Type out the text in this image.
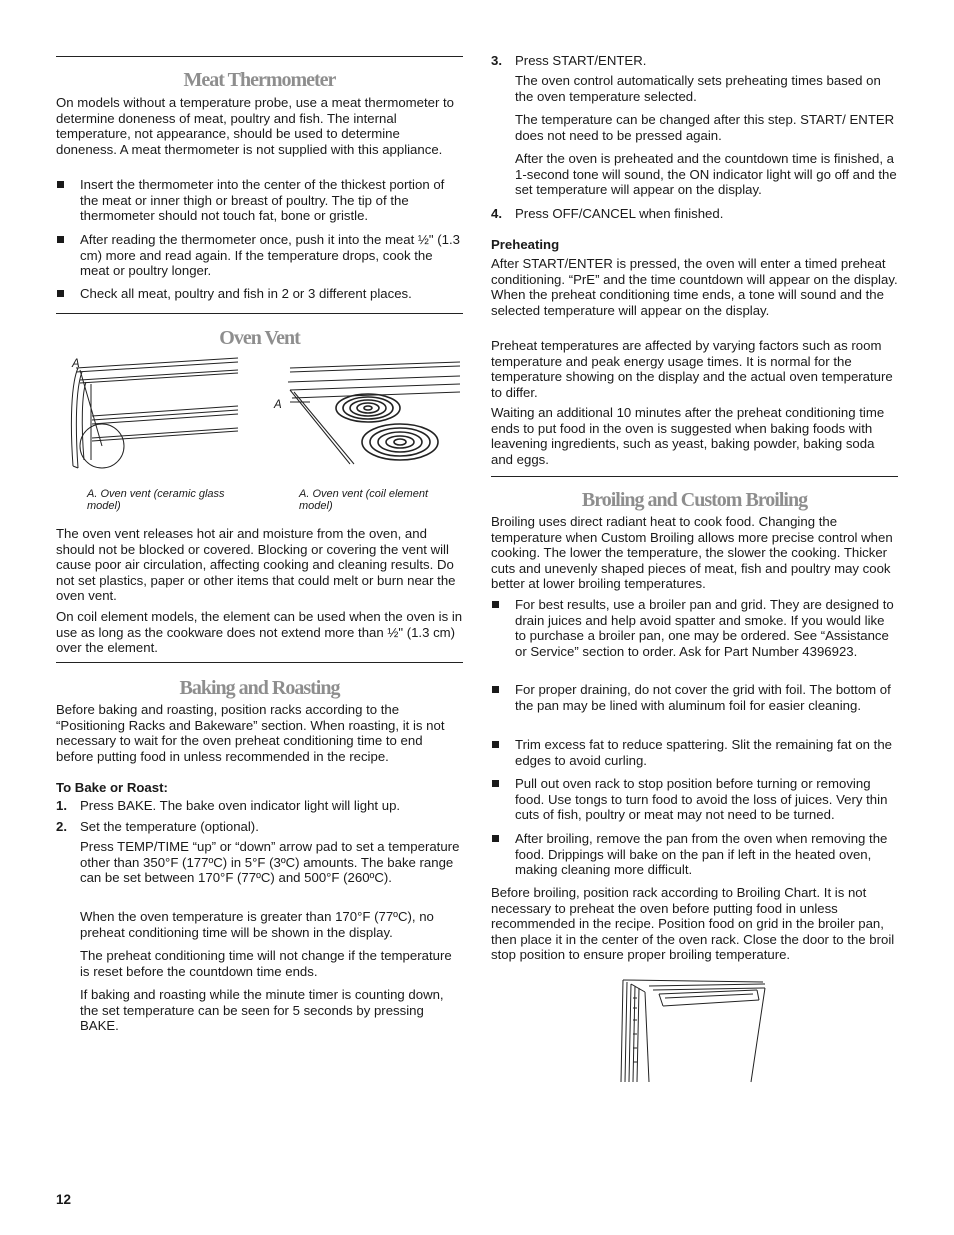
Meat Thermometer
On models without a temperature probe, use a meat thermometer to determine doneness of meat, poultry and fish. The internal temperature, not appearance, should be used to determine doneness. A meat thermometer is not supplied with this appliance.
Insert the thermometer into the center of the thickest portion of the meat or inner thigh or breast of poultry. The tip of the thermometer should not touch fat, bone or gristle.
After reading the thermometer once, push it into the meat ½" (1.3 cm) more and read again. If the temperature drops, cook the meat or poultry longer.
Check all meat, poultry and fish in 2 or 3 different places.
Oven Vent
A
A
A. Oven vent (ceramic glass model)
A. Oven vent (coil element model)
The oven vent releases hot air and moisture from the oven, and should not be blocked or covered. Blocking or covering the vent will cause poor air circulation, affecting cooking and cleaning results. Do not set plastics, paper or other items that could melt or burn near the oven vent.
On coil element models, the element can be used when the oven is in use as long as the cookware does not extend more than ½" (1.3 cm) over the element.
Baking and Roasting
Before baking and roasting, position racks according to the “Positioning Racks and Bakeware” section. When roasting, it is not necessary to wait for the oven preheat conditioning time to end before putting food in unless recommended in the recipe.
To Bake or Roast:
1. Press BAKE. The bake oven indicator light will light up.
2. Set the temperature (optional).
Press TEMP/TIME “up” or “down” arrow pad to set a temperature other than 350°F (177ºC) in 5°F (3ºC) amounts. The bake range can be set between 170°F (77ºC) and 500°F (260ºC).
When the oven temperature is greater than 170°F (77ºC), no preheat conditioning time will be shown in the display.
The preheat conditioning time will not change if the temperature is reset before the countdown time ends.
If baking and roasting while the minute timer is counting down, the set temperature can be seen for 5 seconds by pressing BAKE.
3. Press START/ENTER.
The oven control automatically sets preheating times based on the oven temperature selected.
The temperature can be changed after this step. START/ ENTER does not need to be pressed again.
After the oven is preheated and the countdown time is finished, a 1-second tone will sound, the ON indicator light will go off and the set temperature will appear on the display.
4. Press OFF/CANCEL when finished.
Preheating
After START/ENTER is pressed, the oven will enter a timed preheat conditioning. “PrE” and the time countdown will appear on the display. When the preheat conditioning time ends, a tone will sound and the selected temperature will appear on the display.
Preheat temperatures are affected by varying factors such as room temperature and peak energy usage times. It is normal for the temperature showing on the display and the actual oven temperature to differ.
Waiting an additional 10 minutes after the preheat conditioning time ends to put food in the oven is suggested when baking foods with leavening ingredients, such as yeast, baking powder, baking soda and eggs.
Broiling and Custom Broiling
Broiling uses direct radiant heat to cook food. Changing the temperature when Custom Broiling allows more precise control when cooking. The lower the temperature, the slower the cooking. Thicker cuts and unevenly shaped pieces of meat, fish and poultry may cook better at lower broiling temperatures.
For best results, use a broiler pan and grid. They are designed to drain juices and help avoid spatter and smoke. If you would like to purchase a broiler pan, one may be ordered. See “Assistance or Service” section to order. Ask for Part Number 4396923.
For proper draining, do not cover the grid with foil. The bottom of the pan may be lined with aluminum foil for easier cleaning.
Trim excess fat to reduce spattering. Slit the remaining fat on the edges to avoid curling.
Pull out oven rack to stop position before turning or removing food. Use tongs to turn food to avoid the loss of juices. Very thin cuts of fish, poultry or meat may not need to be turned.
After broiling, remove the pan from the oven when removing the food. Drippings will bake on the pan if left in the heated oven, making cleaning more difficult.
Before broiling, position rack according to Broiling Chart. It is not necessary to preheat the oven before putting food in unless recommended in the recipe. Position food on grid in the broiler pan, then place it in the center of the oven rack. Close the door to the broil stop position to ensure proper broiling temperature.
12
